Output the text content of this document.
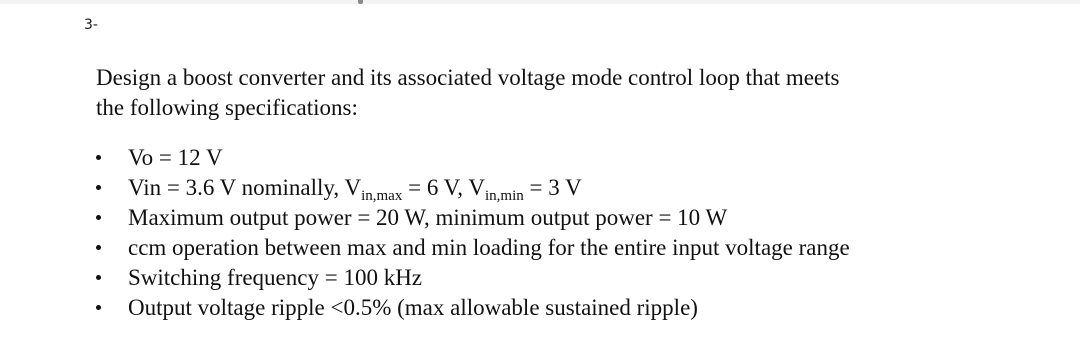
3-

Design a boost converter and its associated voltage mode control loop that meets
the following specifications:

Vo = 12 V
Vin = 3.6 V nominally, $V_{in,max} = 6$ V, $V_{in,min} = 3$ V
Maximum output power = 20 W, minimum output power = 10 W
ccm operation between max and min loading for the entire input voltage range
Switching frequency = 100 kHz
Output voltage ripple <0.5% (max allowable sustained ripple)
